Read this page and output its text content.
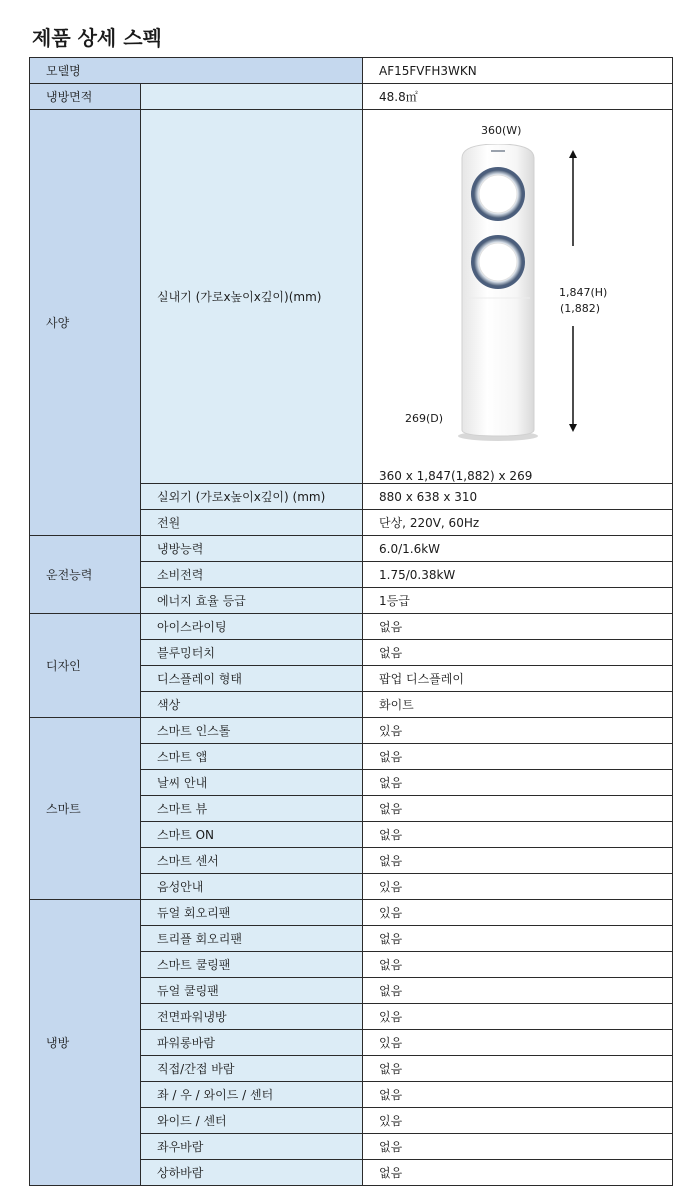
제품 상세 스펙
모델명		AF15FVFH3WKN
냉방면적		48.8㎡
사양	실내기 (가로x높이x깊이)(mm)	360(W)
1,847(H)
(1,882)
269(D)
360 x 1,847(1,882) x 269

	실외기 (가로x높이x깊이) (mm)	880 x 638 x 310
	전원	단상, 220V, 60Hz
운전능력	냉방능력	6.0/1.6kW
	소비전력	1.75/0.38kW
	에너지 효율 등급	1등급
디자인	아이스라이팅	없음
	블루밍터치	없음
	디스플레이 형태	팝업 디스플레이
	색상	화이트
스마트	스마트 인스톨	있음
	스마트 앱	없음
	날씨 안내	없음
	스마트 뷰	없음
	스마트 ON	없음
	스마트 센서	없음
	음성안내	있음
냉방	듀얼 회오리팬	있음
	트리플 회오리팬	없음
	스마트 쿨링팬	없음
	듀얼 쿨링팬	없음
	전면파워냉방	있음
	파워롱바람	있음
	직접/간접 바람	없음
	좌 / 우 / 와이드 / 센터	없음
	와이드 / 센터	있음
	좌우바람	없음
	상하바람	없음
